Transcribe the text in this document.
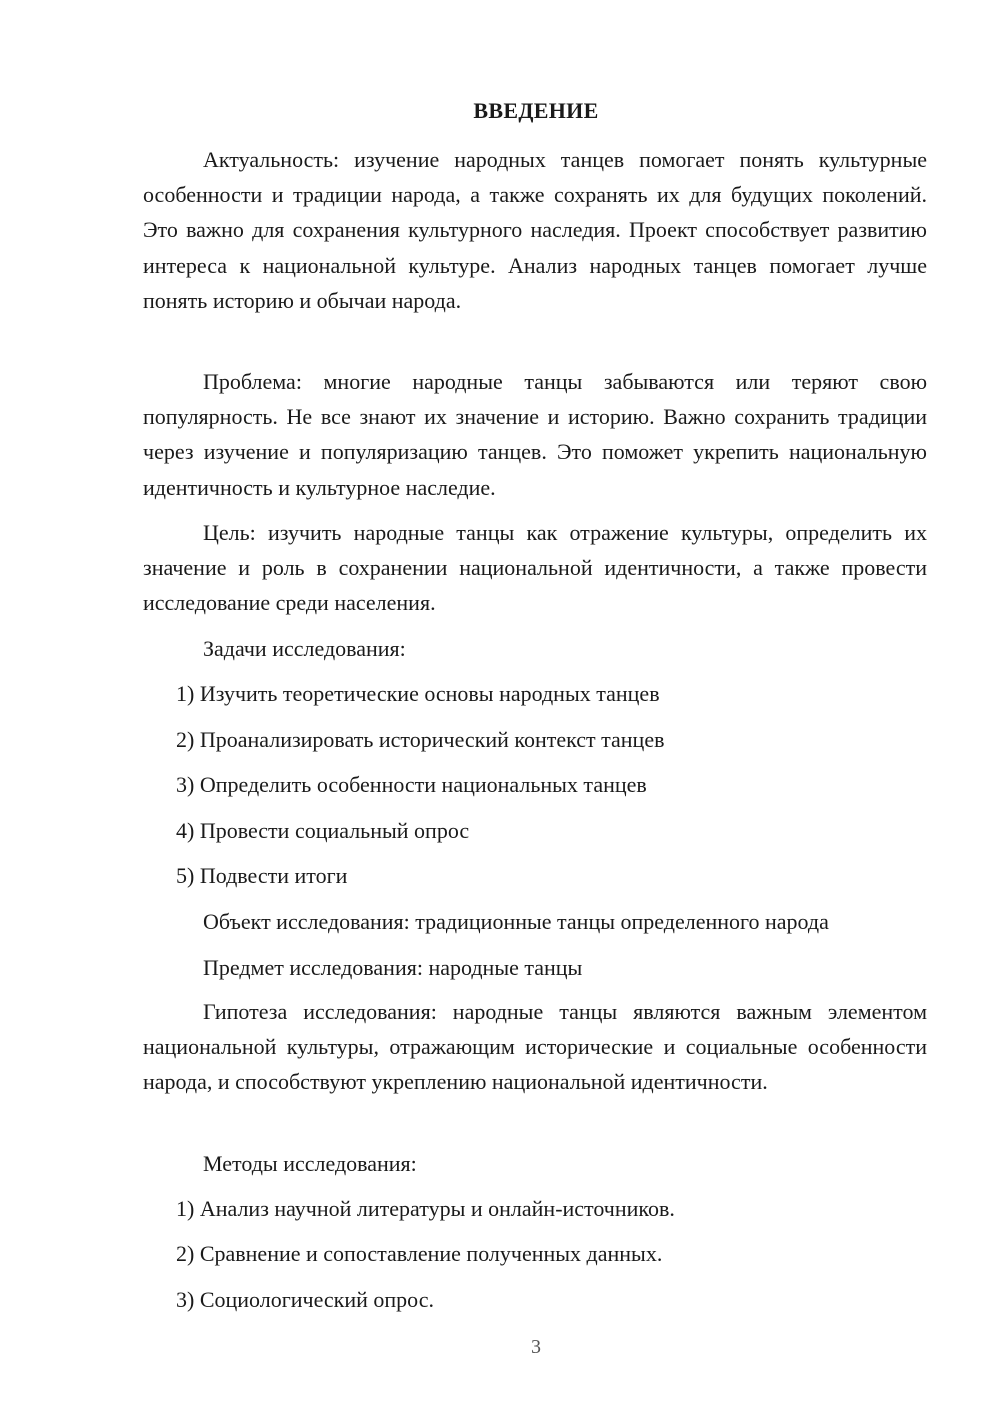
ВВЕДЕНИЕ

Актуальность: изучение народных танцев помогает понять культурные особенности и традиции народа, а также сохранять их для будущих поколений. Это важно для сохранения культурного наследия. Проект способствует развитию интереса к национальной культуре. Анализ народных танцев помогает лучше понять историю и обычаи народа.

Проблема: многие народные танцы забываются или теряют свою популярность. Не все знают их значение и историю. Важно сохранить традиции через изучение и популяризацию танцев. Это поможет укрепить национальную идентичность и культурное наследие.

Цель: изучить народные танцы как отражение культуры, определить их значение и роль в сохранении национальной идентичности, а также провести исследование среди населения.

Задачи исследования:
1) Изучить теоретические основы народных танцев
2) Проанализировать исторический контекст танцев
3) Определить особенности национальных танцев
4) Провести социальный опрос
5) Подвести итоги
Объект исследования: традиционные танцы определенного народа
Предмет исследования: народные танцы

Гипотеза исследования: народные танцы являются важным элементом национальной культуры, отражающим исторические и социальные особенности народа, и способствуют укреплению национальной идентичности.

Методы исследования:
1) Анализ научной литературы и онлайн-источников.
2) Сравнение и сопоставление полученных данных.
3) Социологический опрос.
3
